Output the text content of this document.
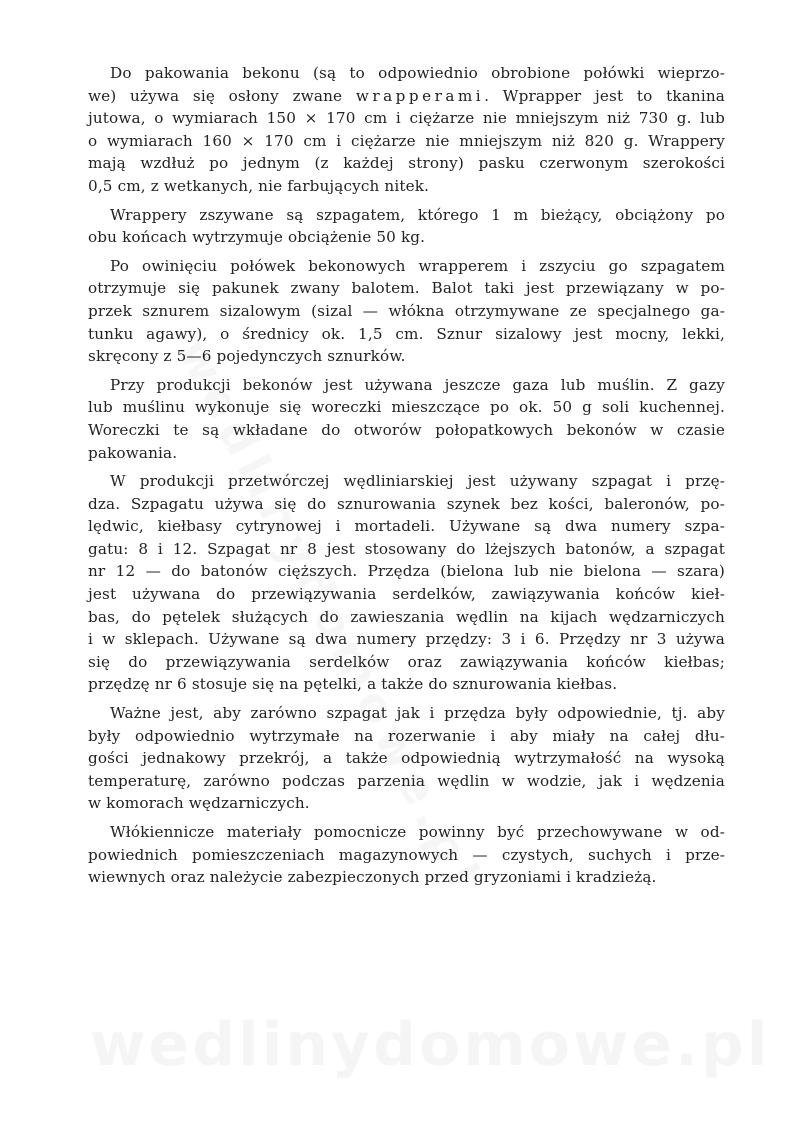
Do pakowania bekonu (są to odpowiednio obrobione połówki wieprzo-
we) używa się osłony zwane wrapperami. Wprapper jest to tkanina
jutowa, o wymiarach 150 × 170 cm i ciężarze nie mniejszym niż 730 g. lub
o wymiarach 160 × 170 cm i ciężarze nie mniejszym niż 820 g. Wrappery
mają wzdłuż po jednym (z każdej strony) pasku czerwonym szerokości
0,5 cm, z wetkanych, nie farbujących nitek.

Wrappery zszywane są szpagatem, którego 1 m bieżący, obciążony po
obu końcach wytrzymuje obciążenie 50 kg.

Po owinięciu połówek bekonowych wrapperem i zszyciu go szpagatem
otrzymuje się pakunek zwany balotem. Balot taki jest przewiązany w po-
przek sznurem sizalowym (sizal — włókna otrzymywane ze specjalnego ga-
tunku agawy), o średnicy ok. 1,5 cm. Sznur sizalowy jest mocny, lekki,
skręcony z 5—6 pojedynczych sznurków.

Przy produkcji bekonów jest używana jeszcze gaza lub muślin. Z gazy
lub muślinu wykonuje się woreczki mieszczące po ok. 50 g soli kuchennej.
Woreczki te są wkładane do otworów połopatkowych bekonów w czasie
pakowania.

W produkcji przetwórczej wędliniarskiej jest używany szpagat i przę-
dza. Szpagatu używa się do sznurowania szynek bez kości, baleronów, po-
lędwic, kiełbasy cytrynowej i mortadeli. Używane są dwa numery szpa-
gatu: 8 i 12. Szpagat nr 8 jest stosowany do lżejszych batonów, a szpagat
nr 12 — do batonów cięższych. Przędza (bielona lub nie bielona — szara)
jest używana do przewiązywania serdelków, zawiązywania końców kieł-
bas, do pętelek służących do zawieszania wędlin na kijach wędzarniczych
i w sklepach. Używane są dwa numery przędzy: 3 i 6. Przędzy nr 3 używa
się do przewiązywania serdelków oraz zawiązywania końców kiełbas;
przędzę nr 6 stosuje się na pętelki, a także do sznurowania kiełbas.

Ważne jest, aby zarówno szpagat jak i przędza były odpowiednie, tj. aby
były odpowiednio wytrzymałe na rozerwanie i aby miały na całej dłu-
gości jednakowy przekrój, a także odpowiednią wytrzymałość na wysoką
temperaturę, zarówno podczas parzenia wędlin w wodzie, jak i wędzenia
w komorach wędzarniczych.

Włókiennicze materiały pomocnicze powinny być przechowywane w od-
powiednich pomieszczeniach magazynowych — czystych, suchych i prze-
wiewnych oraz należycie zabezpieczonych przed gryzoniami i kradzieżą.
